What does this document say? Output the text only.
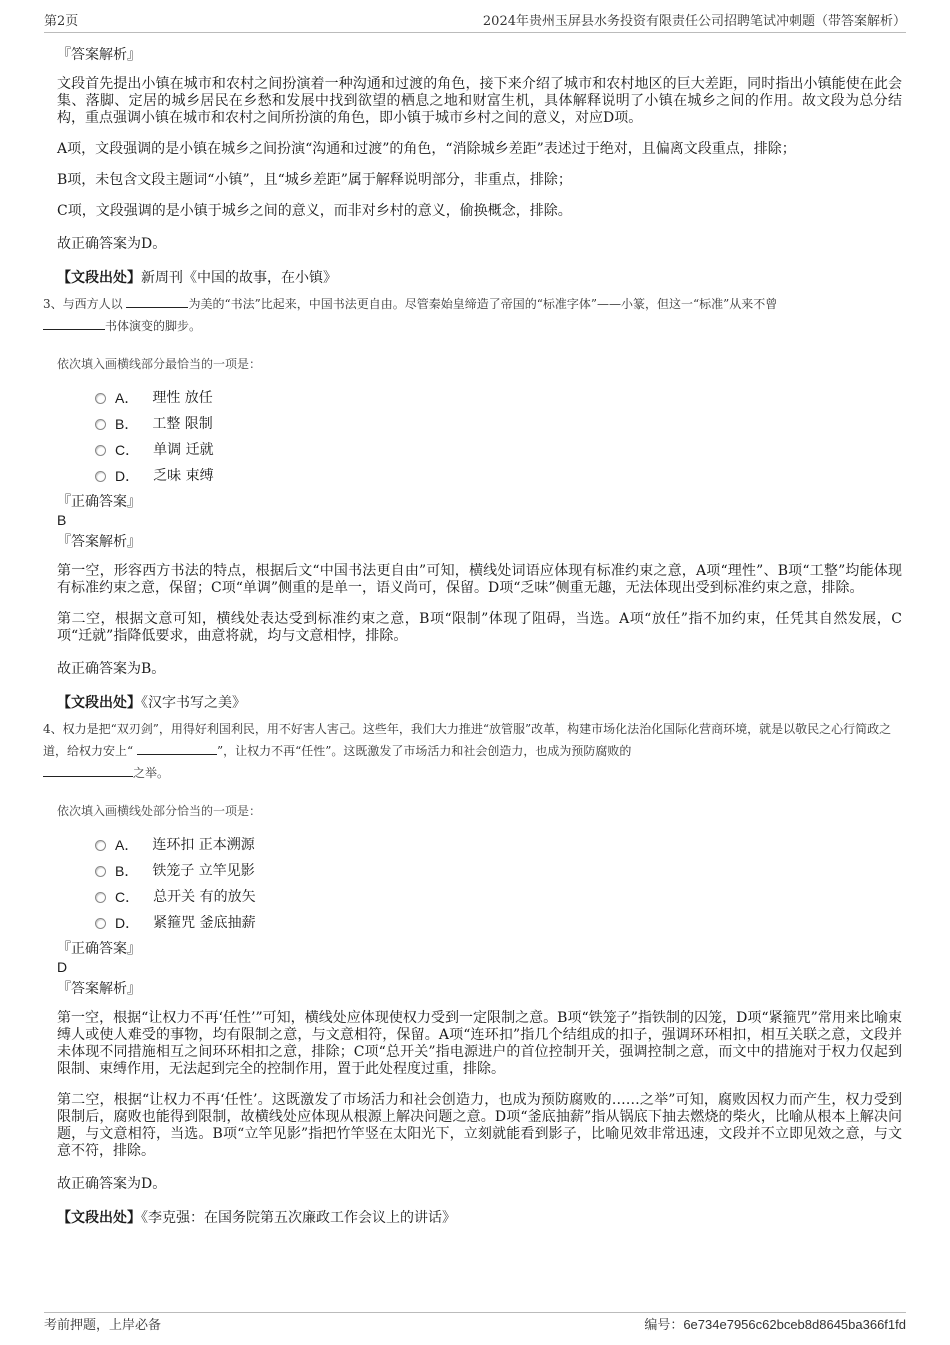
第2页	2024年贵州玉屏县水务投资有限责任公司招聘笔试冲刺题（带答案解析）
『答案解析』
文段首先提出小镇在城市和农村之间扮演着一种沟通和过渡的角色，接下来介绍了城市和农村地区的巨大差距，同时指出小镇能使在此会集、落脚、定居的城乡居民在乡愁和发展中找到欲望的栖息之地和财富生机，具体解释说明了小镇在城乡之间的作用。故文段为总分结构，重点强调小镇在城市和农村之间所扮演的角色，即小镇于城市乡村之间的意义，对应D项。
A项，文段强调的是小镇在城乡之间扮演“沟通和过渡”的角色，“消除城乡差距”表述过于绝对，且偏离文段重点，排除；
B项，未包含文段主题词“小镇”，且“城乡差距”属于解释说明部分，非重点，排除；
C项，文段强调的是小镇于城乡之间的意义，而非对乡村的意义，偷换概念，排除。
故正确答案为D。
【文段出处】新周刊《中国的故事，在小镇》
3、与西方人以	为美的“书法”比起来，中国书法更自由。尽管秦始皇缔造了帝国的“标准字体”——小篆，但这一“标准”从来不曾
书体演变的脚步。
依次填入画横线部分最恰当的一项是：
A． 理性 放任
B． 工整 限制
C． 单调 迁就
D． 乏味 束缚
『正确答案』
B
『答案解析』
第一空，形容西方书法的特点，根据后文“中国书法更自由”可知，横线处词语应体现有标准约束之意，A项“理性”、B项“工整”均能体现有标准约束之意，保留；C项“单调”侧重的是单一，语义尚可，保留。D项“乏味”侧重无趣，无法体现出受到标准约束之意，排除。
第二空，根据文意可知，横线处表达受到标准约束之意，B项“限制”体现了阻碍，当选。A项“放任”指不加约束，任凭其自然发展，C项“迁就”指降低要求，曲意将就，均与文意相悖，排除。
故正确答案为B。
【文段出处】《汉字书写之美》
4、权力是把“双刃剑”，用得好利国利民，用不好害人害己。这些年，我们大力推进“放管服”改革，构建市场化法治化国际化营商环境，就是以敬民之心行简政之道，给权力安上“	”，让权力不再“任性”。这既激发了市场活力和社会创造力，也成为预防腐败的
之举。
依次填入画横线处部分恰当的一项是：
A． 连环扣 正本溯源
B． 铁笼子 立竿见影
C． 总开关 有的放矢
D． 紧箍咒 釜底抽薪
『正确答案』
D
『答案解析』
第一空，根据“让权力不再‘任性’”可知，横线处应体现使权力受到一定限制之意。B项“铁笼子”指铁制的囚笼，D项“紧箍咒”常用来比喻束缚人或使人难受的事物，均有限制之意，与文意相符，保留。A项“连环扣”指几个结组成的扣子，强调环环相扣，相互关联之意，文段并未体现不同措施相互之间环环相扣之意，排除；C项“总开关”指电源进户的首位控制开关，强调控制之意，而文中的措施对于权力仅起到限制、束缚作用，无法起到完全的控制作用，置于此处程度过重，排除。
第二空，根据“让权力不再‘任性’。这既激发了市场活力和社会创造力，也成为预防腐败的……之举”可知，腐败因权力而产生，权力受到限制后，腐败也能得到限制，故横线处应体现从根源上解决问题之意。D项“釜底抽薪”指从锅底下抽去燃烧的柴火，比喻从根本上解决问题，与文意相符，当选。B项“立竿见影”指把竹竿竖在太阳光下，立刻就能看到影子，比喻见效非常迅速，文段并不立即见效之意，与文意不符，排除。
故正确答案为D。
【文段出处】《李克强：在国务院第五次廉政工作会议上的讲话》
考前押题，上岸必备	编号：6e734e7956c62bceb8d8645ba366f1fd
